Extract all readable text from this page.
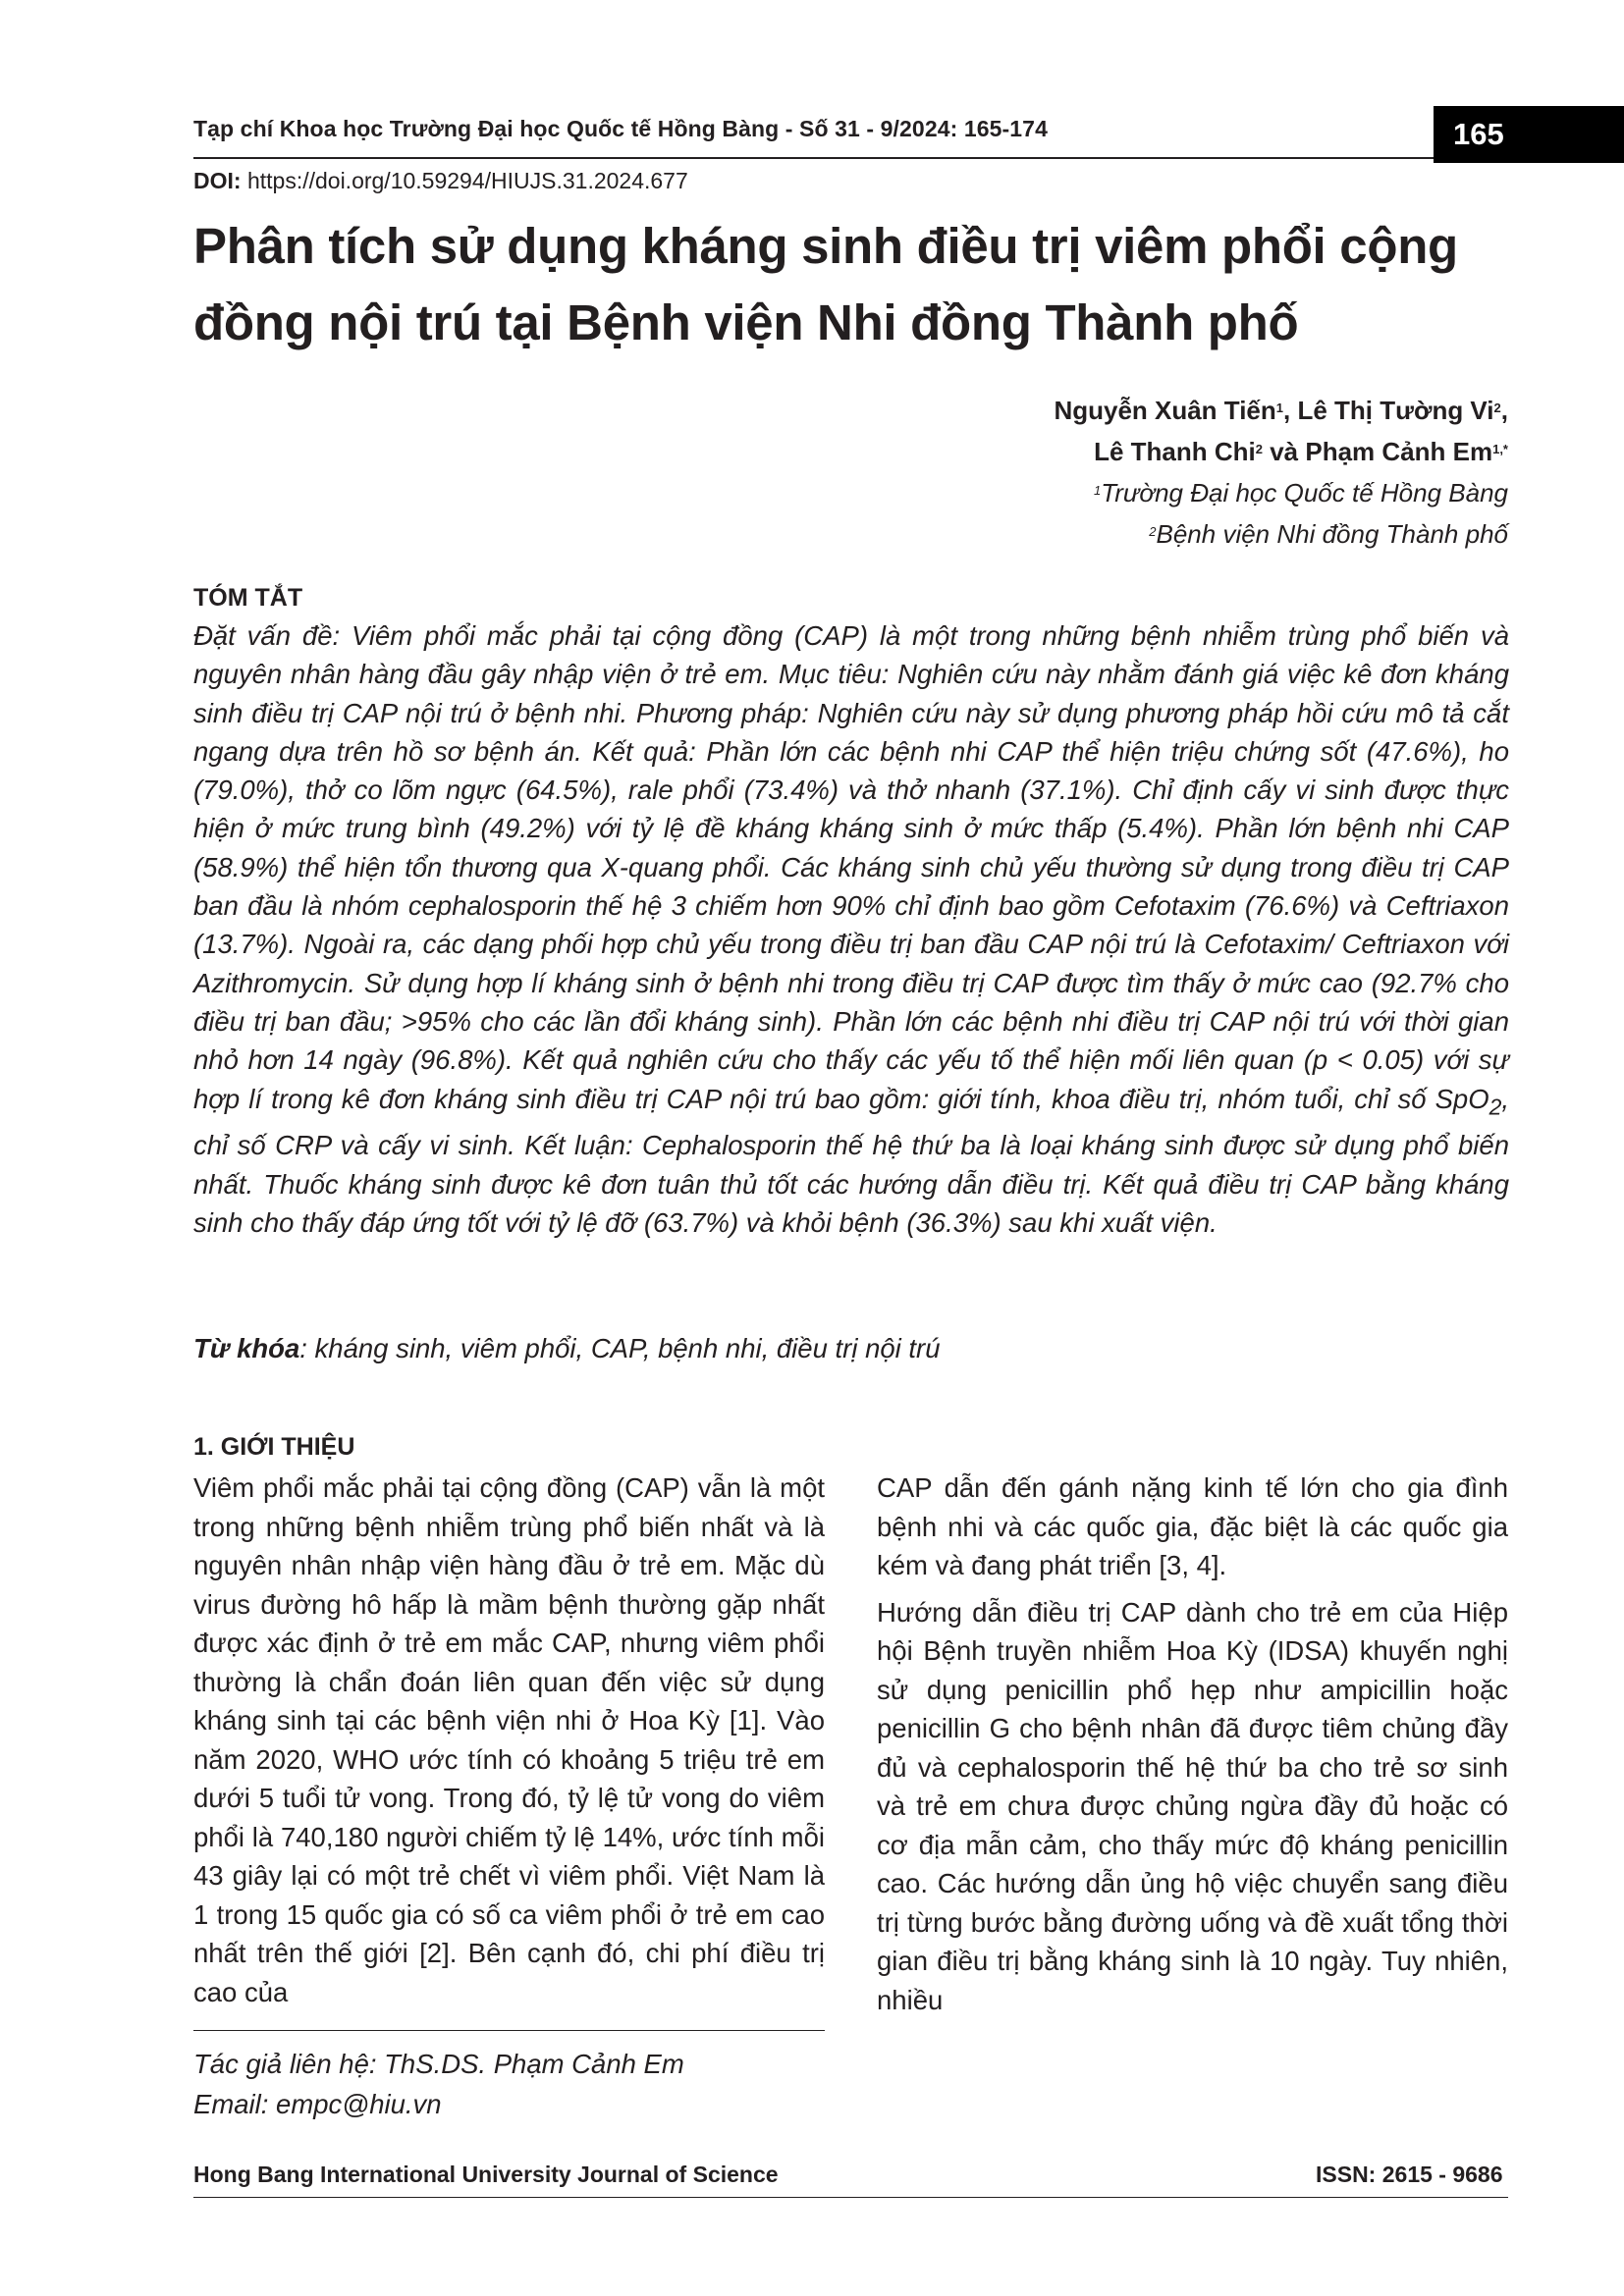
Tạp chí Khoa học Trường Đại học Quốc tế Hồng Bàng - Số 31 - 9/2024: 165-174	165
DOI: https://doi.org/10.59294/HIUJS.31.2024.677
Phân tích sử dụng kháng sinh điều trị viêm phổi cộng đồng nội trú tại Bệnh viện Nhi đồng Thành phố
Nguyễn Xuân Tiến$^1$, Lê Thị Tường Vi$^2$,
Lê Thanh Chi$^2$ và Phạm Cảnh $Em^{1,*}$
$^1$Trường Đại học Quốc tế Hồng Bàng
$^2$Bệnh viện Nhi đồng Thành phố
TÓM TẮT
Đặt vấn đề: Viêm phổi mắc phải tại cộng đồng (CAP) là một trong những bệnh nhiễm trùng phổ biến và nguyên nhân hàng đầu gây nhập viện ở trẻ em. Mục tiêu: Nghiên cứu này nhằm đánh giá việc kê đơn kháng sinh điều trị CAP nội trú ở bệnh nhi. Phương pháp: Nghiên cứu này sử dụng phương pháp hồi cứu mô tả cắt ngang dựa trên hồ sơ bệnh án. Kết quả: Phần lớn các bệnh nhi CAP thể hiện triệu chứng sốt (47.6%), ho (79.0%), thở co lõm ngực (64.5%), rale phổi (73.4%) và thở nhanh (37.1%). Chỉ định cấy vi sinh được thực hiện ở mức trung bình (49.2%) với tỷ lệ đề kháng kháng sinh ở mức thấp (5.4%). Phần lớn bệnh nhi CAP (58.9%) thể hiện tổn thương qua X-quang phổi. Các kháng sinh chủ yếu thường sử dụng trong điều trị CAP ban đầu là nhóm cephalosporin thế hệ 3 chiếm hơn 90% chỉ định bao gồm Cefotaxim (76.6%) và Ceftriaxon (13.7%). Ngoài ra, các dạng phối hợp chủ yếu trong điều trị ban đầu CAP nội trú là Cefotaxim/ Ceftriaxon với Azithromycin. Sử dụng hợp lí kháng sinh ở bệnh nhi trong điều trị CAP được tìm thấy ở mức cao (92.7% cho điều trị ban đầu; >95% cho các lần đổi kháng sinh). Phần lớn các bệnh nhi điều trị CAP nội trú với thời gian nhỏ hơn 14 ngày (96.8%). Kết quả nghiên cứu cho thấy các yếu tố thể hiện mối liên quan (p < 0.05) với sự hợp lí trong kê đơn kháng sinh điều trị CAP nội trú bao gồm: giới tính, khoa điều trị, nhóm tuổi, chỉ số SpO$_2$, chỉ số CRP và cấy vi sinh. Kết luận: Cephalosporin thế hệ thứ ba là loại kháng sinh được sử dụng phổ biến nhất. Thuốc kháng sinh được kê đơn tuân thủ tốt các hướng dẫn điều trị. Kết quả điều trị CAP bằng kháng sinh cho thấy đáp ứng tốt với tỷ lệ đỡ (63.7%) và khỏi bệnh (36.3%) sau khi xuất viện.
Từ khóa: kháng sinh, viêm phổi, CAP, bệnh nhi, điều trị nội trú
1. GIỚI THIỆU

Viêm phổi mắc phải tại cộng đồng (CAP) vẫn là một trong những bệnh nhiễm trùng phổ biến nhất và là nguyên nhân nhập viện hàng đầu ở trẻ em. Mặc dù virus đường hô hấp là mầm bệnh thường gặp nhất được xác định ở trẻ em mắc CAP, nhưng viêm phổi thường là chẩn đoán liên quan đến việc sử dụng kháng sinh tại các bệnh viện nhi ở Hoa Kỳ [1]. Vào năm 2020, WHO ước tính có khoảng 5 triệu trẻ em dưới 5 tuổi tử vong. Trong đó, tỷ lệ tử vong do viêm phổi là 740,180 người chiếm tỷ lệ 14%, ước tính mỗi 43 giây lại có một trẻ chết vì viêm phổi. Việt Nam là 1 trong 15 quốc gia có số ca viêm phổi ở trẻ em cao nhất trên thế giới [2]. Bên cạnh đó, chi phí điều trị cao của

CAP dẫn đến gánh nặng kinh tế lớn cho gia đình bệnh nhi và các quốc gia, đặc biệt là các quốc gia kém và đang phát triển [3, 4].

Hướng dẫn điều trị CAP dành cho trẻ em của Hiệp hội Bệnh truyền nhiễm Hoa Kỳ (IDSA) khuyến nghị sử dụng penicillin phổ hẹp như ampicillin hoặc penicillin G cho bệnh nhân đã được tiêm chủng đầy đủ và cephalosporin thế hệ thứ ba cho trẻ sơ sinh và trẻ em chưa được chủng ngừa đầy đủ hoặc có cơ địa mẫn cảm, cho thấy mức độ kháng penicillin cao. Các hướng dẫn ủng hộ việc chuyển sang điều trị từng bước bằng đường uống và đề xuất tổng thời gian điều trị bằng kháng sinh là 10 ngày. Tuy nhiên, nhiều

Tác giả liên hệ: ThS.DS. Phạm Cảnh Em
Email: empc@hiu.vn
Hong Bang International University Journal of Science	ISSN: 2615 - 9686
